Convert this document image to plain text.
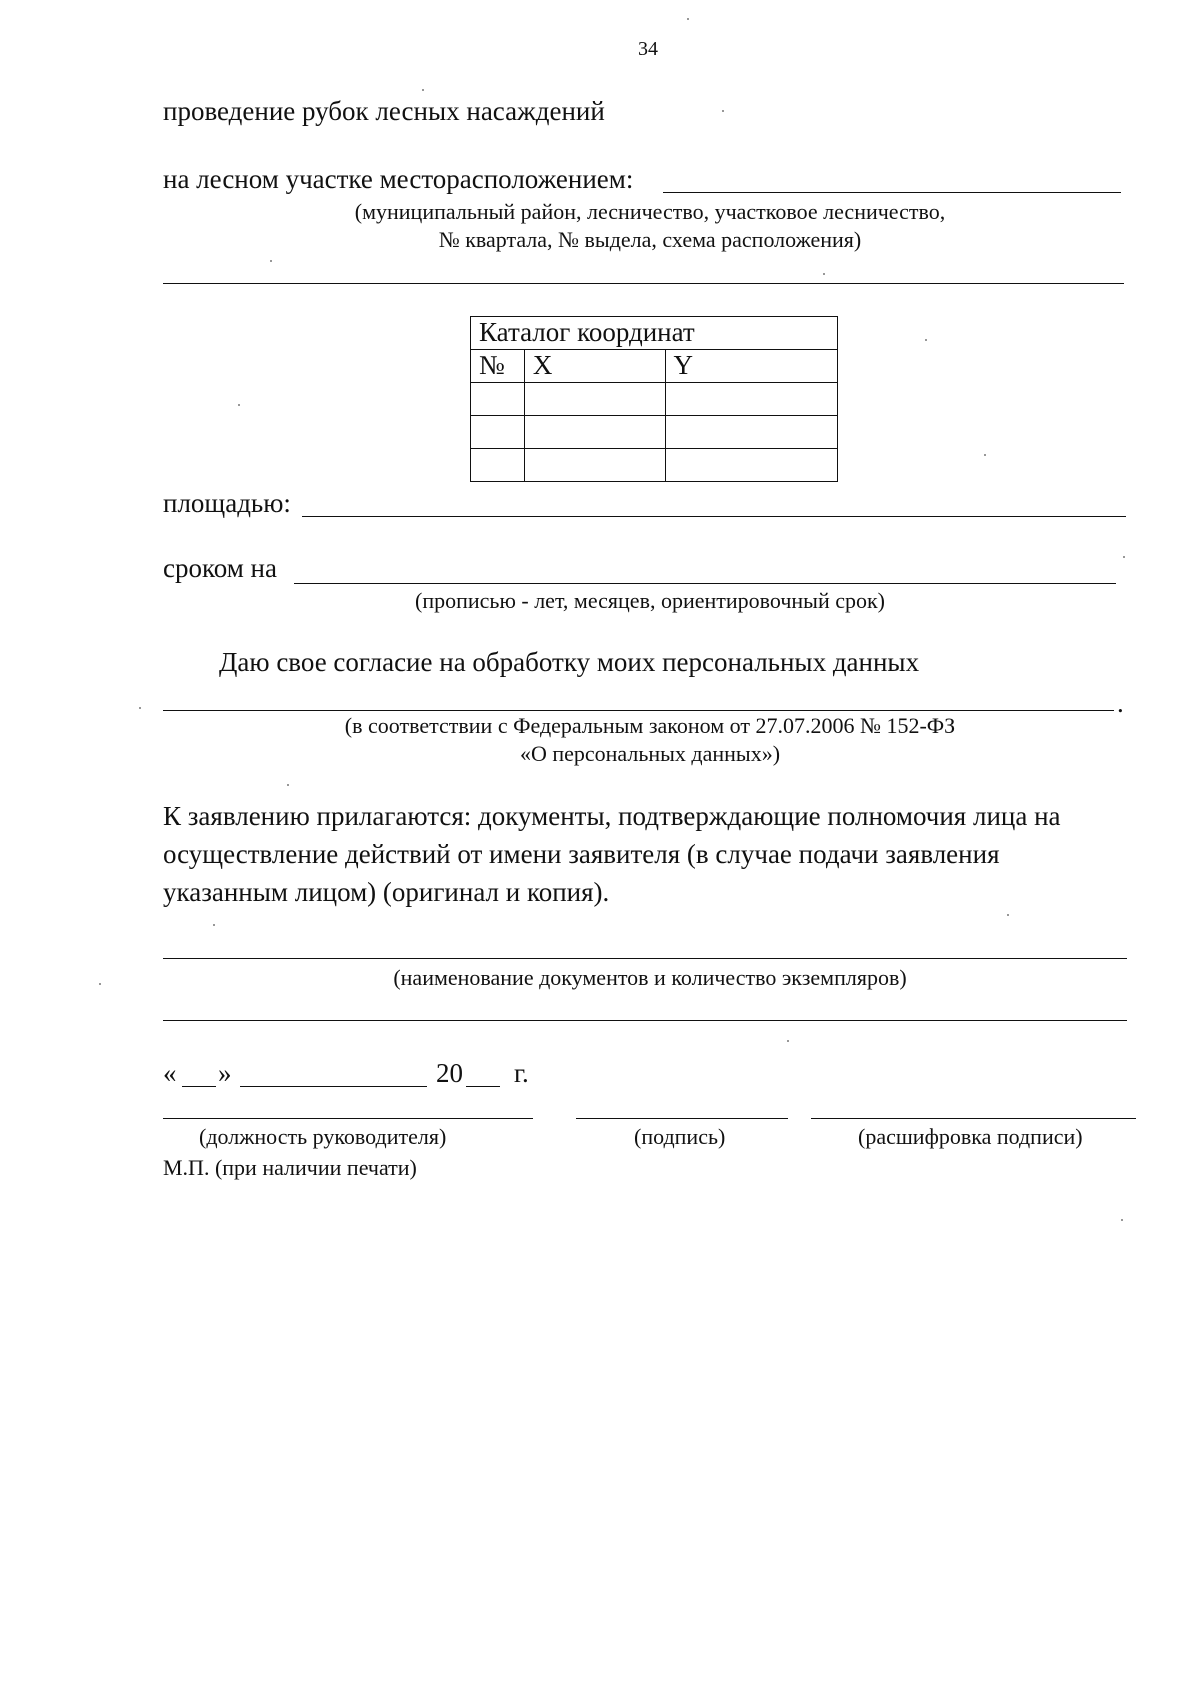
34
проведение рубок лесных насаждений
на лесном участке месторасположением:
(муниципальный район, лесничество, участковое лесничество,
№ квартала, № выдела, схема расположения)
Каталог координат		
№	X	Y

площадью:
сроком на
(прописью - лет, месяцев, ориентировочный срок)
Даю свое согласие на обработку моих персональных данных
.
(в соответствии с Федеральным законом от 27.07.2006 № 152-ФЗ
«О персональных данных»)
К заявлению прилагаются: документы, подтверждающие полномочия лица на
осуществление действий от имени заявителя (в случае подачи заявления
указанным лицом) (оригинал и копия).
(наименование документов и количество экземпляров)
« »	20 г.
(должность руководителя)	(подпись)	(расшифровка подписи)
М.П. (при наличии печати)
